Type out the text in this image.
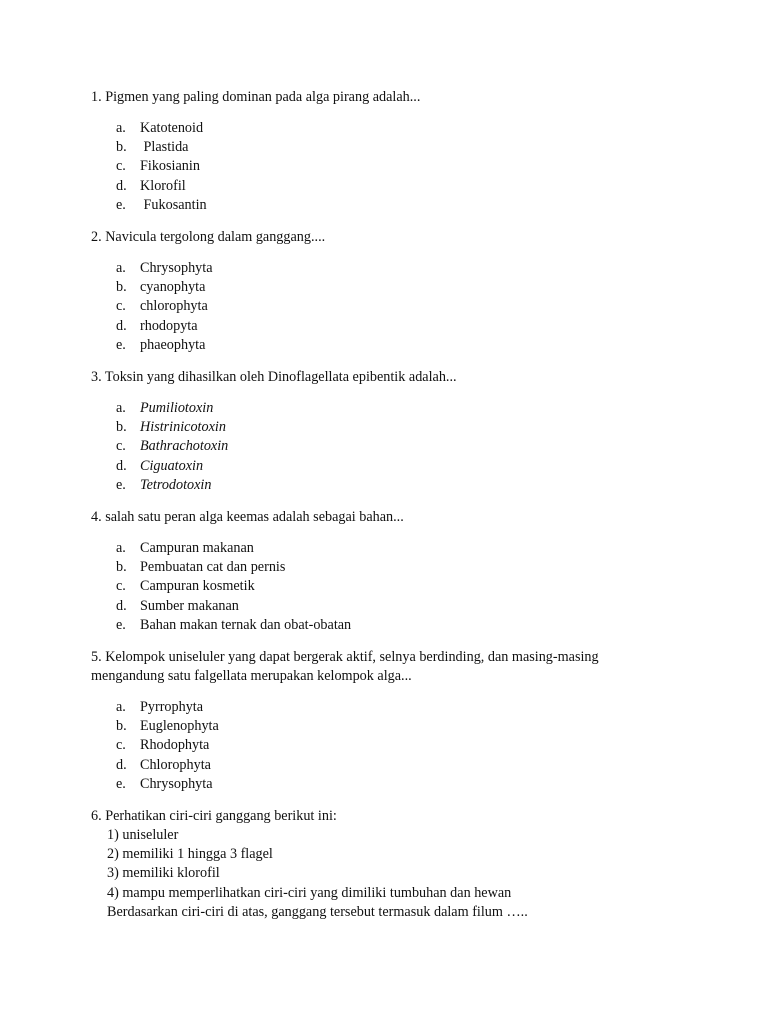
1. Pigmen yang paling dominan pada alga pirang adalah...
a. Katotenoid
b. Plastida
c. Fikosianin
d. Klorofil
e. Fukosantin
2. Navicula tergolong dalam ganggang....
a. Chrysophyta
b. cyanophyta
c. chlorophyta
d. rhodopyta
e. phaeophyta
3. Toksin yang dihasilkan oleh Dinoflagellata epibentik adalah...
a. Pumiliotoxin
b. Histrinicotoxin
c. Bathrachotoxin
d. Ciguatoxin
e. Tetrodotoxin
4. salah satu peran alga keemas adalah sebagai bahan...
a. Campuran makanan
b. Pembuatan cat dan pernis
c. Campuran kosmetik
d. Sumber makanan
e. Bahan makan ternak dan obat-obatan
5. Kelompok uniseluler yang dapat bergerak aktif, selnya berdinding, dan masing-masing
mengandung satu falgellata merupakan kelompok alga...
a. Pyrrophyta
b. Euglenophyta
c. Rhodophyta
d. Chlorophyta
e. Chrysophyta
6. Perhatikan ciri-ciri ganggang berikut ini:
1) uniseluler
2) memiliki 1 hingga 3 flagel
3) memiliki klorofil
4) mampu memperlihatkan ciri-ciri yang dimiliki tumbuhan dan hewan
Berdasarkan ciri-ciri di atas, ganggang tersebut termasuk dalam filum …..
